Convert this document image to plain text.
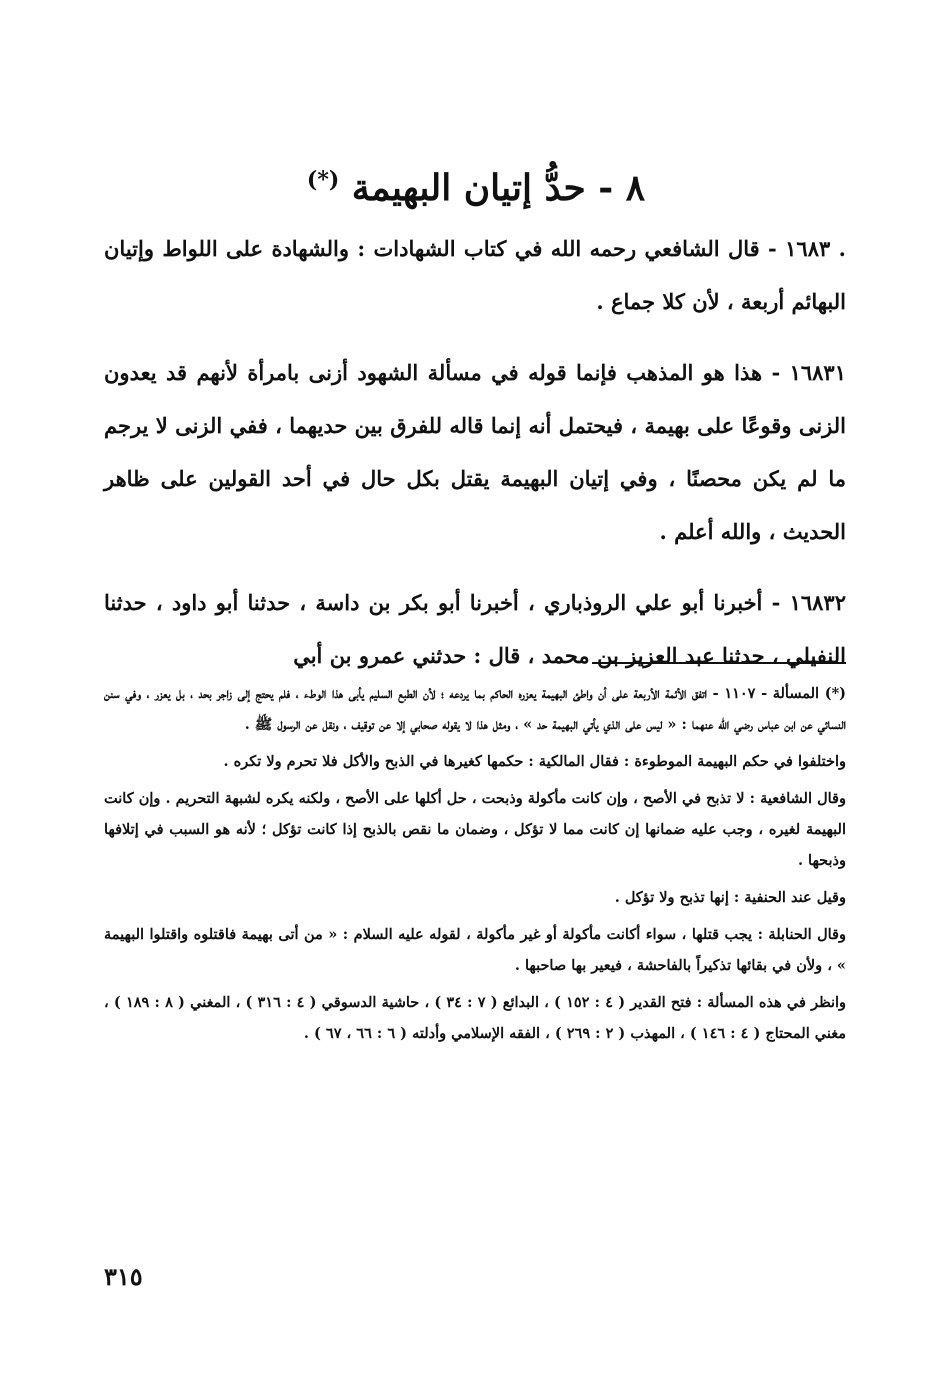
٨ - حدُّ إتيان البهيمة (*)

. ١٦٨٣ - قال الشافعي رحمه الله في كتاب الشهادات : والشهادة على اللواط وإتيان البهائم أربعة ، لأن كلا جماع .

١٦٨٣١ - هذا هو المذهب فإنما قوله في مسألة الشهود أزنى بامرأة لأنهم قد يعدون الزنى وقوعًا على بهيمة ، فيحتمل أنه إنما قاله للفرق بين حديهما ، ففي الزنى لا يرجم ما لم يكن محصنًا ، وفي إتيان البهيمة يقتل بكل حال في أحد القولين على ظاهر الحديث ، والله أعلم .

١٦٨٣٢ - أخبرنا أبو علي الروذباري ، أخبرنا أبو بكر بن داسة ، حدثنا أبو داود ، حدثنا النفيلي ، حدثنا عبد العزيز بن محمد ، قال : حدثني عمرو بن أبي

(*) المسألة - ١١٠٧ - اتفق الأئمة الأربعة على أن واطئ البهيمة يعزره الحاكم بما يردعه ؛ لأن الطبع السليم يأبى هذا الوطء ، فلم يحتج إلى زاجر بحد ، بل يعزر ، وفي سنن النسائي عن ابن عباس رضي الله عنهما : « ليس على الذي يأتي البهيمة حد » ، ومثل هذا لا يقوله صحابي إلا عن توقيف ، ونقل عن الرسول ﷺ .

واختلفوا في حكم البهيمة الموطوءة : فقال المالكية : حكمها كغيرها في الذبح والأكل فلا تحرم ولا تكره .

وقال الشافعية : لا تذبح في الأصح ، وإن كانت مأكولة وذبحت ، حل أكلها على الأصح ، ولكنه يكره لشبهة التحريم . وإن كانت البهيمة لغيره ، وجب عليه ضمانها إن كانت مما لا تؤكل ، وضمان ما نقص بالذبح إذا كانت تؤكل ؛ لأنه هو السبب في إتلافها وذبحها .

وقيل عند الحنفية : إنها تذبح ولا تؤكل .

وقال الحنابلة : يجب قتلها ، سواء أكانت مأكولة أو غير مأكولة ، لقوله عليه السلام : « من أتى بهيمة فاقتلوه واقتلوا البهيمة » ، ولأن في بقائها تذكيراً بالفاحشة ، فيعير بها صاحبها .

وانظر في هذه المسألة : فتح القدير ( ٤ : ١٥٢ ) ، البدائع ( ٧ : ٣٤ ) ، حاشية الدسوقي ( ٤ : ٣١٦ ) ، المغني ( ٨ : ١٨٩ ) ، مغني المحتاج ( ٤ : ١٤٦ ) ، المهذب ( ٢ : ٢٦٩ ) ، الفقه الإسلامي وأدلته ( ٦ : ٦٦ ، ٦٧ ) .

٣١٥
